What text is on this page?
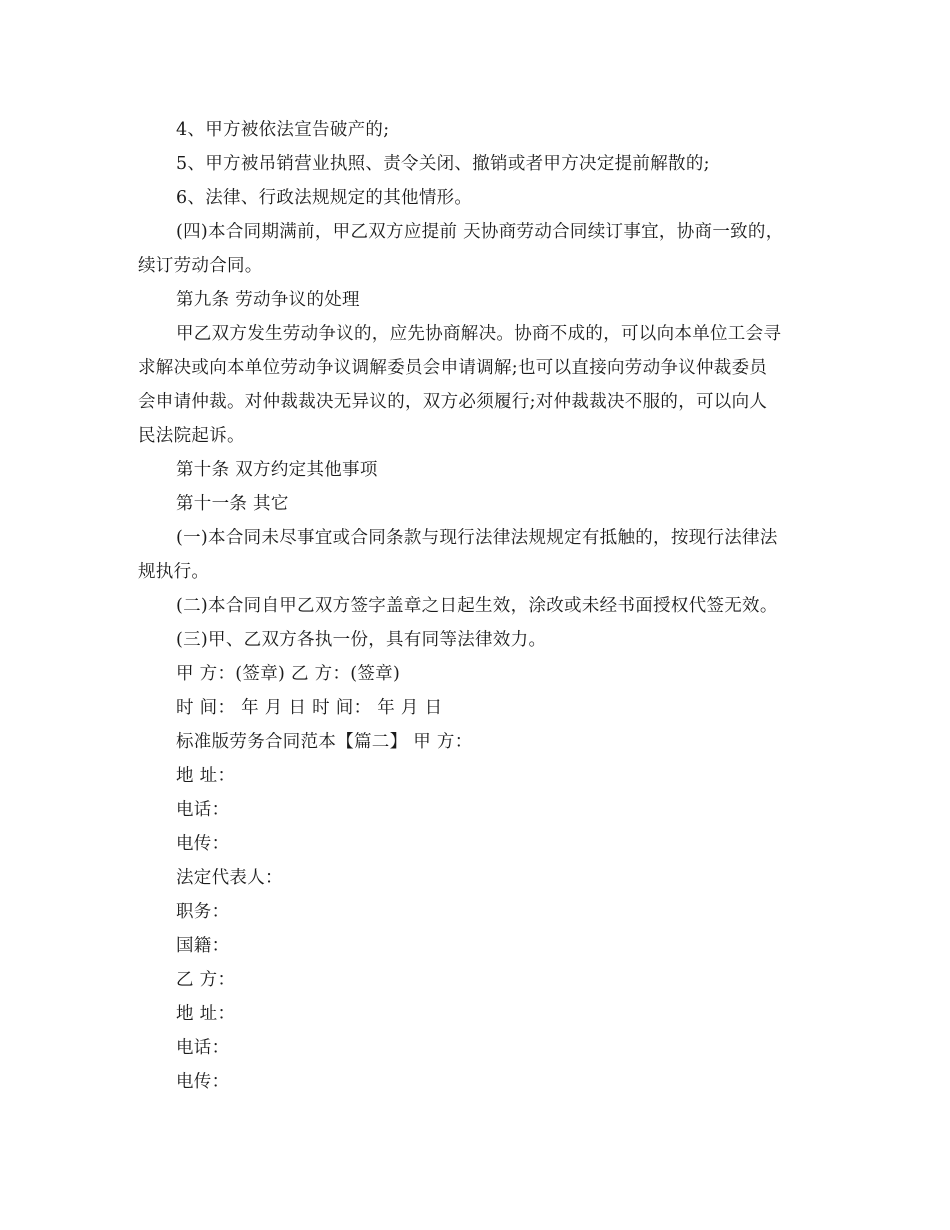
4、甲方被依法宣告破产的;
5、甲方被吊销营业执照、责令关闭、撤销或者甲方决定提前解散的;
6、法律、行政法规规定的其他情形。
(四)本合同期满前，甲乙双方应提前 天协商劳动合同续订事宜，协商一致的，
续订劳动合同。
第九条 劳动争议的处理
甲乙双方发生劳动争议的，应先协商解决。协商不成的，可以向本单位工会寻
求解决或向本单位劳动争议调解委员会申请调解;也可以直接向劳动争议仲裁委员
会申请仲裁。对仲裁裁决无异议的，双方必须履行;对仲裁裁决不服的，可以向人
民法院起诉。
第十条 双方约定其他事项
第十一条 其它
(一)本合同未尽事宜或合同条款与现行法律法规规定有抵触的，按现行法律法
规执行。
(二)本合同自甲乙双方签字盖章之日起生效，涂改或未经书面授权代签无效。
(三)甲、乙双方各执一份，具有同等法律效力。
甲 方：(签章) 乙 方：(签章)
时 间： 年 月 日 时 间： 年 月 日
标准版劳务合同范本【篇二】 甲 方：
地 址：
电话：
电传：
法定代表人：
职务：
国籍：
乙 方：
地 址：
电话：
电传：
